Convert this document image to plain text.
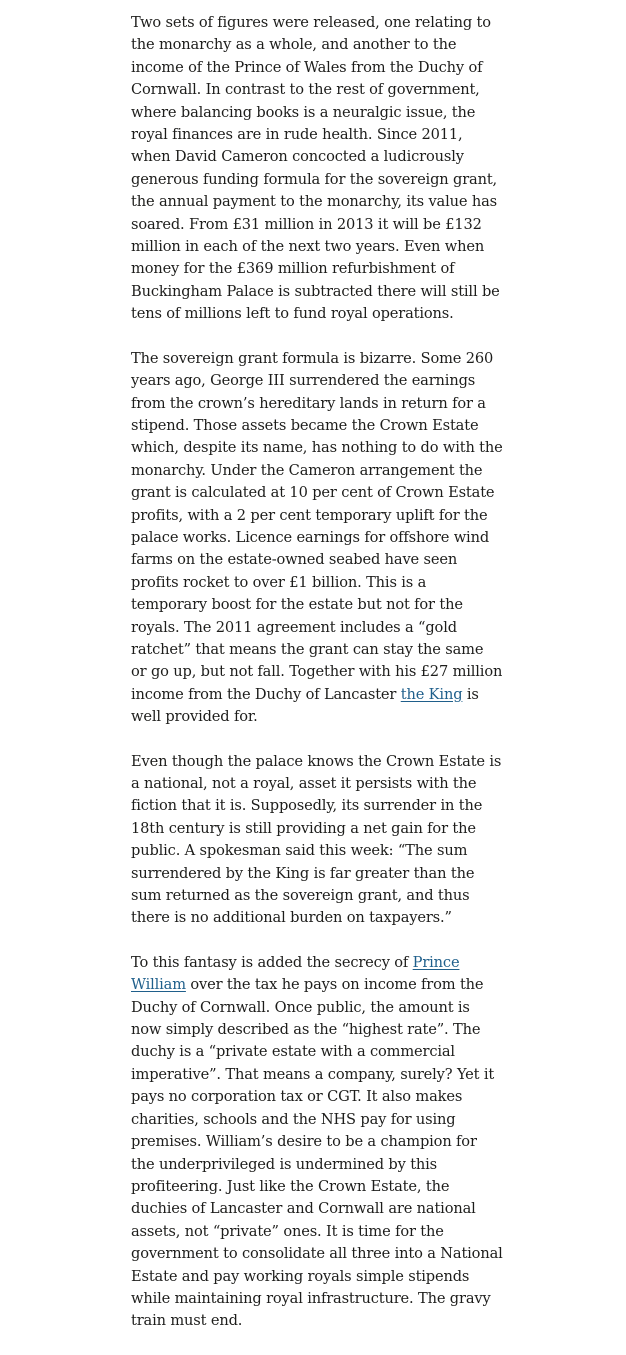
Two sets of figures were released, one relating to the monarchy as a whole, and another to the income of the Prince of Wales from the Duchy of Cornwall. In contrast to the rest of government, where balancing books is a neuralgic issue, the royal finances are in rude health. Since 2011, when David Cameron concocted a ludicrously generous funding formula for the sovereign grant, the annual payment to the monarchy, its value has soared. From £31 million in 2013 it will be £132 million in each of the next two years. Even when money for the £369 million refurbishment of Buckingham Palace is subtracted there will still be tens of millions left to fund royal operations.

The sovereign grant formula is bizarre. Some 260 years ago, George III surrendered the earnings from the crown’s hereditary lands in return for a stipend. Those assets became the Crown Estate which, despite its name, has nothing to do with the monarchy. Under the Cameron arrangement the grant is calculated at 10 per cent of Crown Estate profits, with a 2 per cent temporary uplift for the palace works. Licence earnings for offshore wind farms on the estate-owned seabed have seen profits rocket to over £1 billion. This is a temporary boost for the estate but not for the royals. The 2011 agreement includes a “gold ratchet” that means the grant can stay the same or go up, but not fall. Together with his £27 million income from the Duchy of Lancaster the King is well provided for.

Even though the palace knows the Crown Estate is a national, not a royal, asset it persists with the fiction that it is. Supposedly, its surrender in the 18th century is still providing a net gain for the public. A spokesman said this week: “The sum surrendered by the King is far greater than the sum returned as the sovereign grant, and thus there is no additional burden on taxpayers.”

To this fantasy is added the secrecy of Prince William over the tax he pays on income from the Duchy of Cornwall. Once public, the amount is now simply described as the “highest rate”. The duchy is a “private estate with a commercial imperative”. That means a company, surely? Yet it pays no corporation tax or CGT. It also makes charities, schools and the NHS pay for using premises. William’s desire to be a champion for the underprivileged is undermined by this profiteering. Just like the Crown Estate, the duchies of Lancaster and Cornwall are national assets, not “private” ones. It is time for the government to consolidate all three into a National Estate and pay working royals simple stipends while maintaining royal infrastructure. The gravy train must end.
